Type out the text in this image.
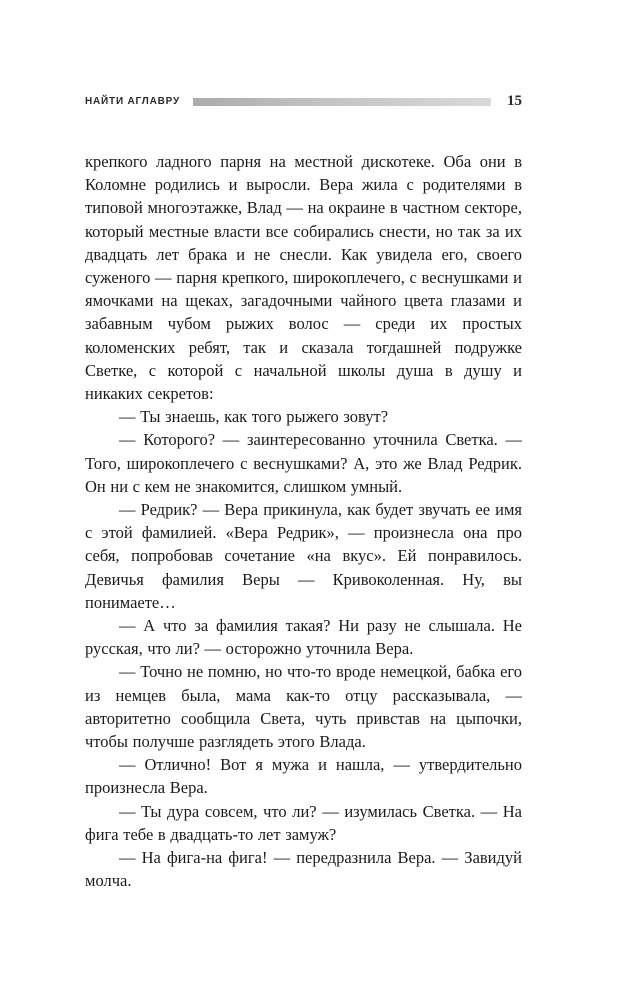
НАЙТИ АГЛАВРУ	15

крепкого ладного парня на местной дискотеке. Оба они в Коломне родились и выросли. Вера жила с родителями в типовой многоэтажке, Влад — на окраине в частном секторе, который местные власти все собирались снести, но так за их двадцать лет брака и не снесли. Как увидела его, своего суженого — парня крепкого, широкоплечего, с веснушками и ямочками на щеках, загадочными чайного цвета глазами и забавным чубом рыжих волос — среди их простых коломенских ребят, так и сказала тогдашней подружке Светке, с которой с начальной школы душа в душу и никаких секретов:

— Ты знаешь, как того рыжего зовут?

— Которого? — заинтересованно уточнила Светка. — Того, широкоплечего с веснушками? А, это же Влад Редрик. Он ни с кем не знакомится, слишком умный.

— Редрик? — Вера прикинула, как будет звучать ее имя с этой фамилией. «Вера Редрик», — произнесла она про себя, попробовав сочетание «на вкус». Ей понравилось. Девичья фамилия Веры — Кривоколенная. Ну, вы понимаете…

— А что за фамилия такая? Ни разу не слышала. Не русская, что ли? — осторожно уточнила Вера.

— Точно не помню, но что-то вроде немецкой, бабка его из немцев была, мама как-то отцу рассказывала, — авторитетно сообщила Света, чуть привстав на цыпочки, чтобы получше разглядеть этого Влада.

— Отлично! Вот я мужа и нашла, — утвердительно произнесла Вера.

— Ты дура совсем, что ли? — изумилась Светка. — На фига тебе в двадцать-то лет замуж?

— На фига-на фига! — передразнила Вера. — Завидуй молча.
